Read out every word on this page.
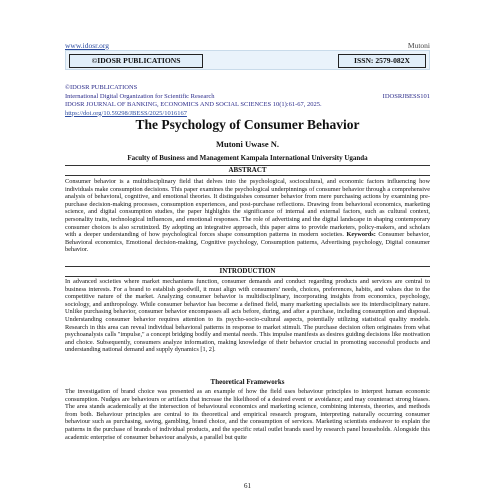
www.idosr.org	Mutoni
©IDOSR PUBLICATIONS	ISSN: 2579-082X
©IDOSR PUBLICATIONS
International Digital Organization for Scientific Research	IDOSRJBESS101
IDOSR JOURNAL OF BANKING, ECONOMICS AND SOCIAL SCIENCES 10(1):61-67, 2025.
https://doi.org/10.59298/JBESS/2025/1016167
The Psychology of Consumer Behavior
Mutoni Uwase N.
Faculty of Business and Management Kampala International University Uganda
ABSTRACT
Consumer behavior is a multidisciplinary field that delves into the psychological, sociocultural, and economic factors influencing how individuals make consumption decisions. This paper examines the psychological underpinnings of consumer behavior through a comprehensive analysis of behavioral, cognitive, and emotional theories. It distinguishes consumer behavior from mere purchasing actions by examining pre-purchase decision-making processes, consumption experiences, and post-purchase reflections. Drawing from behavioral economics, marketing science, and digital consumption studies, the paper highlights the significance of internal and external factors, such as cultural context, personality traits, technological influences, and emotional responses. The role of advertising and the digital landscape in shaping contemporary consumer choices is also scrutinized. By adopting an integrative approach, this paper aims to provide marketers, policy-makers, and scholars with a deeper understanding of how psychological forces shape consumption patterns in modern societies. Keywords: Consumer behavior, Behavioral economics, Emotional decision-making, Cognitive psychology, Consumption patterns, Advertising psychology, Digital consumer behavior.
INTRODUCTION
In advanced societies where market mechanisms function, consumer demands and conduct regarding products and services are central to business interests. For a brand to establish goodwill, it must align with consumers' needs, choices, preferences, habits, and values due to the competitive nature of the market. Analyzing consumer behavior is multidisciplinary, incorporating insights from economics, psychology, sociology, and anthropology. While consumer behavior has become a defined field, many marketing specialists see its interdisciplinary nature. Unlike purchasing behavior, consumer behavior encompasses all acts before, during, and after a purchase, including consumption and disposal. Understanding consumer behavior requires attention to its psycho-socio-cultural aspects, potentially utilizing statistical quality models. Research in this area can reveal individual behavioral patterns in response to market stimuli. The purchase decision often originates from what psychoanalysis calls "impulse," a concept bridging bodily and mental needs. This impulse manifests as desires guiding decisions like motivation and choice. Subsequently, consumers analyze information, making knowledge of their behavior crucial in promoting successful products and understanding national demand and supply dynamics [1, 2].
Theoretical Frameworks
The investigation of brand choice was presented as an example of how the field uses behaviour principles to interpret human economic consumption. Nudges are behaviours or artifacts that increase the likelihood of a desired event or avoidance; and may counteract strong biases. The area stands academically at the intersection of behavioural economics and marketing science, combining interests, theories, and methods from both. Behaviour principles are central to its theoretical and empirical research program, interpreting naturally occurring consumer behaviour such as purchasing, saving, gambling, brand choice, and the consumption of services. Marketing scientists endeavor to explain the patterns in the purchase of brands of individual products, and the specific retail outlet brands used by research panel households. Alongside this academic enterprise of consumer behaviour analysis, a parallel but quite
61
